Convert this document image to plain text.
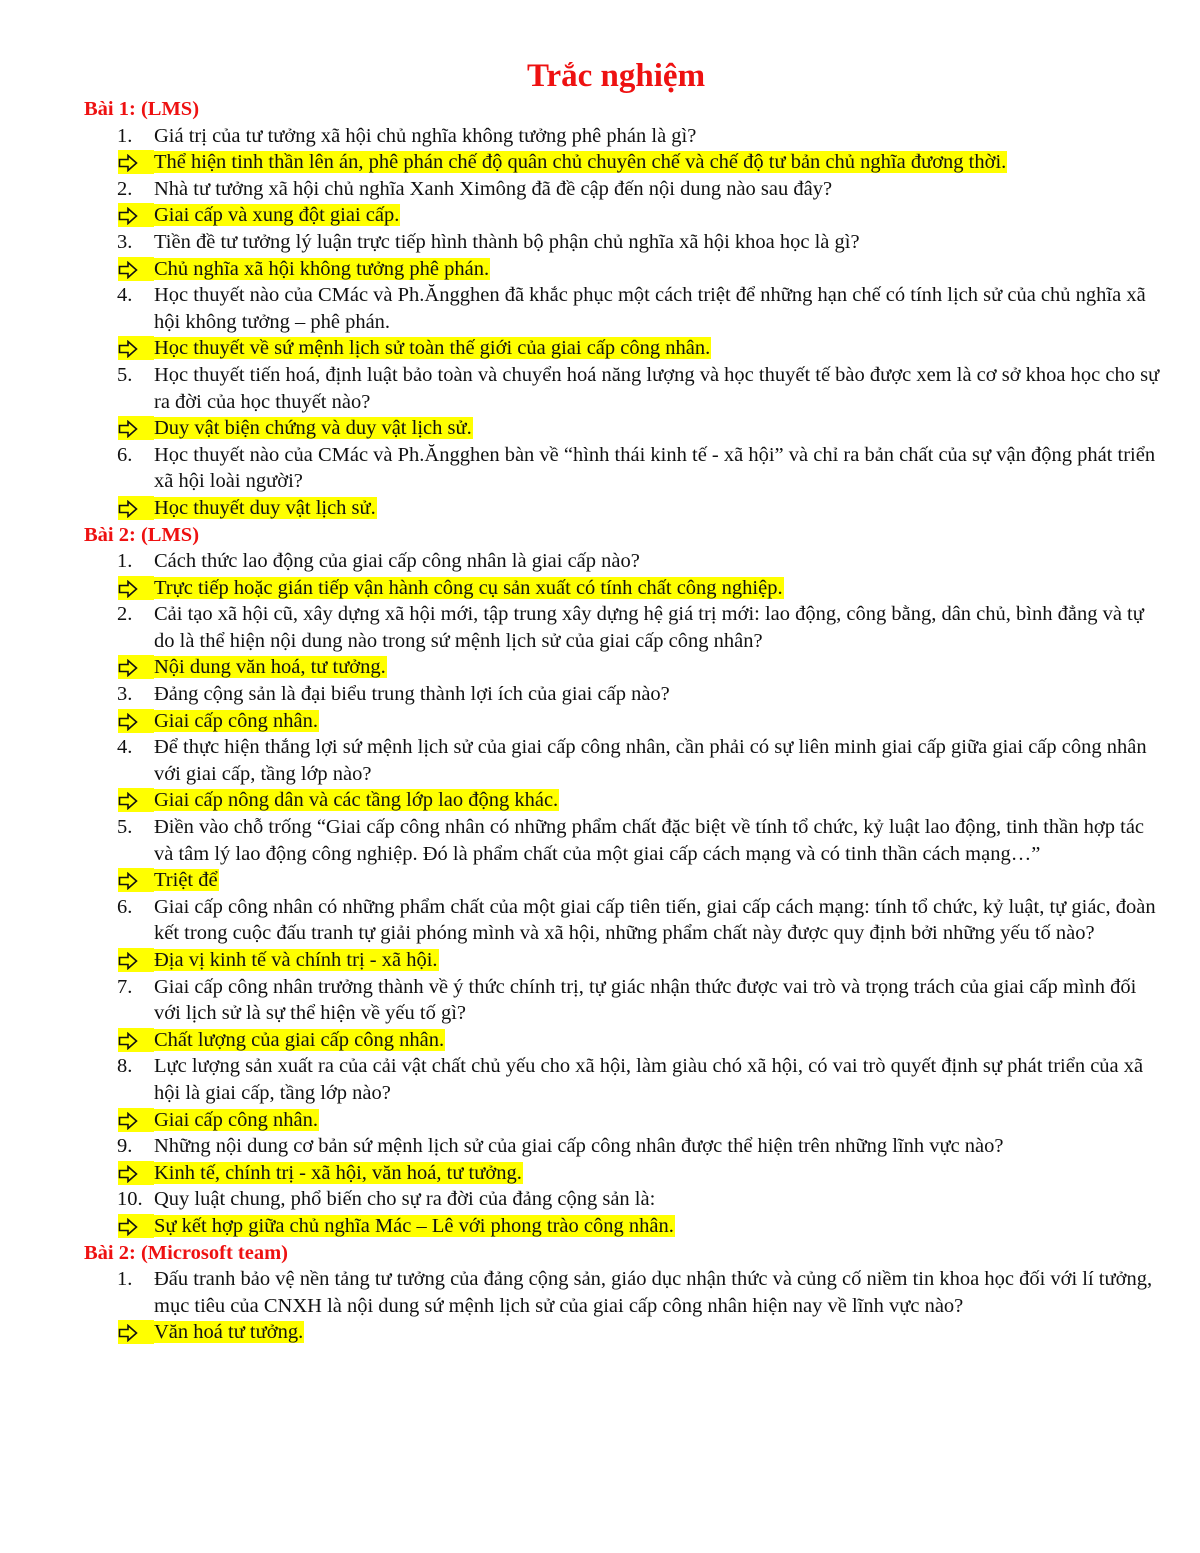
Trắc nghiệm
Bài 1: (LMS)
1. Giá trị của tư tưởng xã hội chủ nghĩa không tưởng phê phán là gì?
Thể hiện tinh thần lên án, phê phán chế độ quân chủ chuyên chế và chế độ tư bản chủ nghĩa đương thời.
2. Nhà tư tưởng xã hội chủ nghĩa Xanh Ximông đã đề cập đến nội dung nào sau đây?
Giai cấp và xung đột giai cấp.
3. Tiền đề tư tưởng lý luận trực tiếp hình thành bộ phận chủ nghĩa xã hội khoa học là gì?
Chủ nghĩa xã hội không tưởng phê phán.
4. Học thuyết nào của CMác và Ph.Ăngghen đã khắc phục một cách triệt để những hạn chế có tính lịch sử của chủ nghĩa xã hội không tưởng – phê phán.
Học thuyết về sứ mệnh lịch sử toàn thế giới của giai cấp công nhân.
5. Học thuyết tiến hoá, định luật bảo toàn và chuyển hoá năng lượng và học thuyết tế bào được xem là cơ sở khoa học cho sự ra đời của học thuyết nào?
Duy vật biện chứng và duy vật lịch sử.
6. Học thuyết nào của CMác và Ph.Ăngghen bàn về “hình thái kinh tế - xã hội” và chỉ ra bản chất của sự vận động phát triển xã hội loài người?
Học thuyết duy vật lịch sử.
Bài 2: (LMS)
1. Cách thức lao động của giai cấp công nhân là giai cấp nào?
Trực tiếp hoặc gián tiếp vận hành công cụ sản xuất có tính chất công nghiệp.
2. Cải tạo xã hội cũ, xây dựng xã hội mới, tập trung xây dựng hệ giá trị mới: lao động, công bằng, dân chủ, bình đẳng và tự do là thể hiện nội dung nào trong sứ mệnh lịch sử của giai cấp công nhân?
Nội dung văn hoá, tư tưởng.
3. Đảng cộng sản là đại biểu trung thành lợi ích của giai cấp nào?
Giai cấp công nhân.
4. Để thực hiện thắng lợi sứ mệnh lịch sử của giai cấp công nhân, cần phải có sự liên minh giai cấp giữa giai cấp công nhân với giai cấp, tầng lớp nào?
Giai cấp nông dân và các tầng lớp lao động khác.
5. Điền vào chỗ trống “Giai cấp công nhân có những phẩm chất đặc biệt về tính tổ chức, kỷ luật lao động, tinh thần hợp tác và tâm lý lao động công nghiệp. Đó là phẩm chất của một giai cấp cách mạng và có tinh thần cách mạng…”
Triệt để
6. Giai cấp công nhân có những phẩm chất của một giai cấp tiên tiến, giai cấp cách mạng: tính tổ chức, kỷ luật, tự giác, đoàn kết trong cuộc đấu tranh tự giải phóng mình và xã hội, những phẩm chất này được quy định bởi những yếu tố nào?
Địa vị kinh tế và chính trị - xã hội.
7. Giai cấp công nhân trưởng thành về ý thức chính trị, tự giác nhận thức được vai trò và trọng trách của giai cấp mình đối với lịch sử là sự thể hiện về yếu tố gì?
Chất lượng của giai cấp công nhân.
8. Lực lượng sản xuất ra của cải vật chất chủ yếu cho xã hội, làm giàu chó xã hội, có vai trò quyết định sự phát triển của xã hội là giai cấp, tầng lớp nào?
Giai cấp công nhân.
9. Những nội dung cơ bản sứ mệnh lịch sử của giai cấp công nhân được thể hiện trên những lĩnh vực nào?
Kinh tế, chính trị - xã hội, văn hoá, tư tưởng.
10. Quy luật chung, phổ biến cho sự ra đời của đảng cộng sản là:
Sự kết hợp giữa chủ nghĩa Mác – Lê với phong trào công nhân.
Bài 2: (Microsoft team)
1. Đấu tranh bảo vệ nền tảng tư tưởng của đảng cộng sản, giáo dục nhận thức và củng cố niềm tin khoa học đối với lí tưởng, mục tiêu của CNXH là nội dung sứ mệnh lịch sử của giai cấp công nhân hiện nay về lĩnh vực nào?
Văn hoá tư tưởng.
